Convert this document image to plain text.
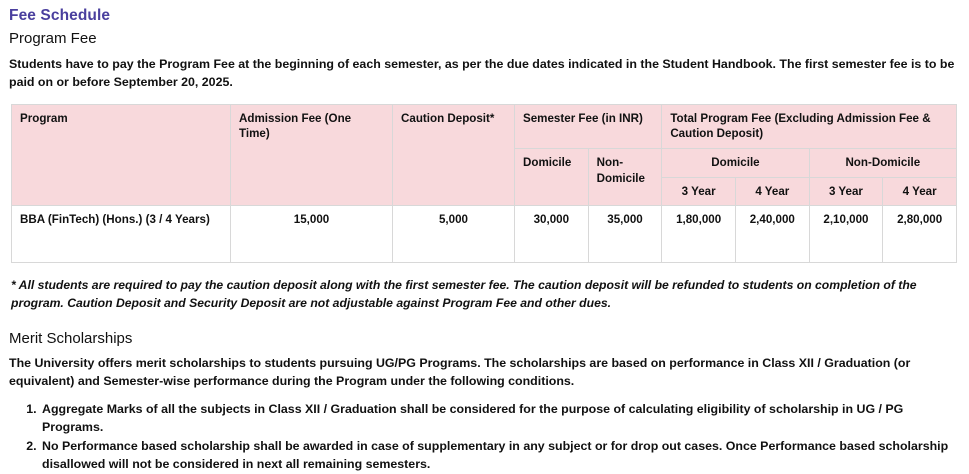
Fee Schedule
Program Fee

Students have to pay the Program Fee at the beginning of each semester, as per the due dates indicated in the Student Handbook. The first semester fee is to be paid on or before September 20, 2025.

Program	Admission Fee (One Time)	Caution Deposit*	Semester Fee (in INR)		Total Program Fee (Excluding Admission Fee & Caution Deposit)			
			Domicile	Non-Domicile	Domicile		Non-Domicile	
					3 Year	4 Year	3 Year	4 Year
BBA (FinTech) (Hons.) (3 / 4 Years)	15,000	5,000	30,000	35,000	1,80,000	2,40,000	2,10,000	2,80,000

* All students are required to pay the caution deposit along with the first semester fee. The caution deposit will be refunded to students on completion of the program. Caution Deposit and Security Deposit are not adjustable against Program Fee and other dues.

Merit Scholarships

The University offers merit scholarships to students pursuing UG/PG Programs. The scholarships are based on performance in Class XII / Graduation (or equivalent) and Semester-wise performance during the Program under the following conditions.

1. Aggregate Marks of all the subjects in Class XII / Graduation shall be considered for the purpose of calculating eligibility of scholarship in UG / PG Programs.
2. No Performance based scholarship shall be awarded in case of supplementary in any subject or for drop out cases. Once Performance based scholarship disallowed will not be considered in next all remaining semesters.
